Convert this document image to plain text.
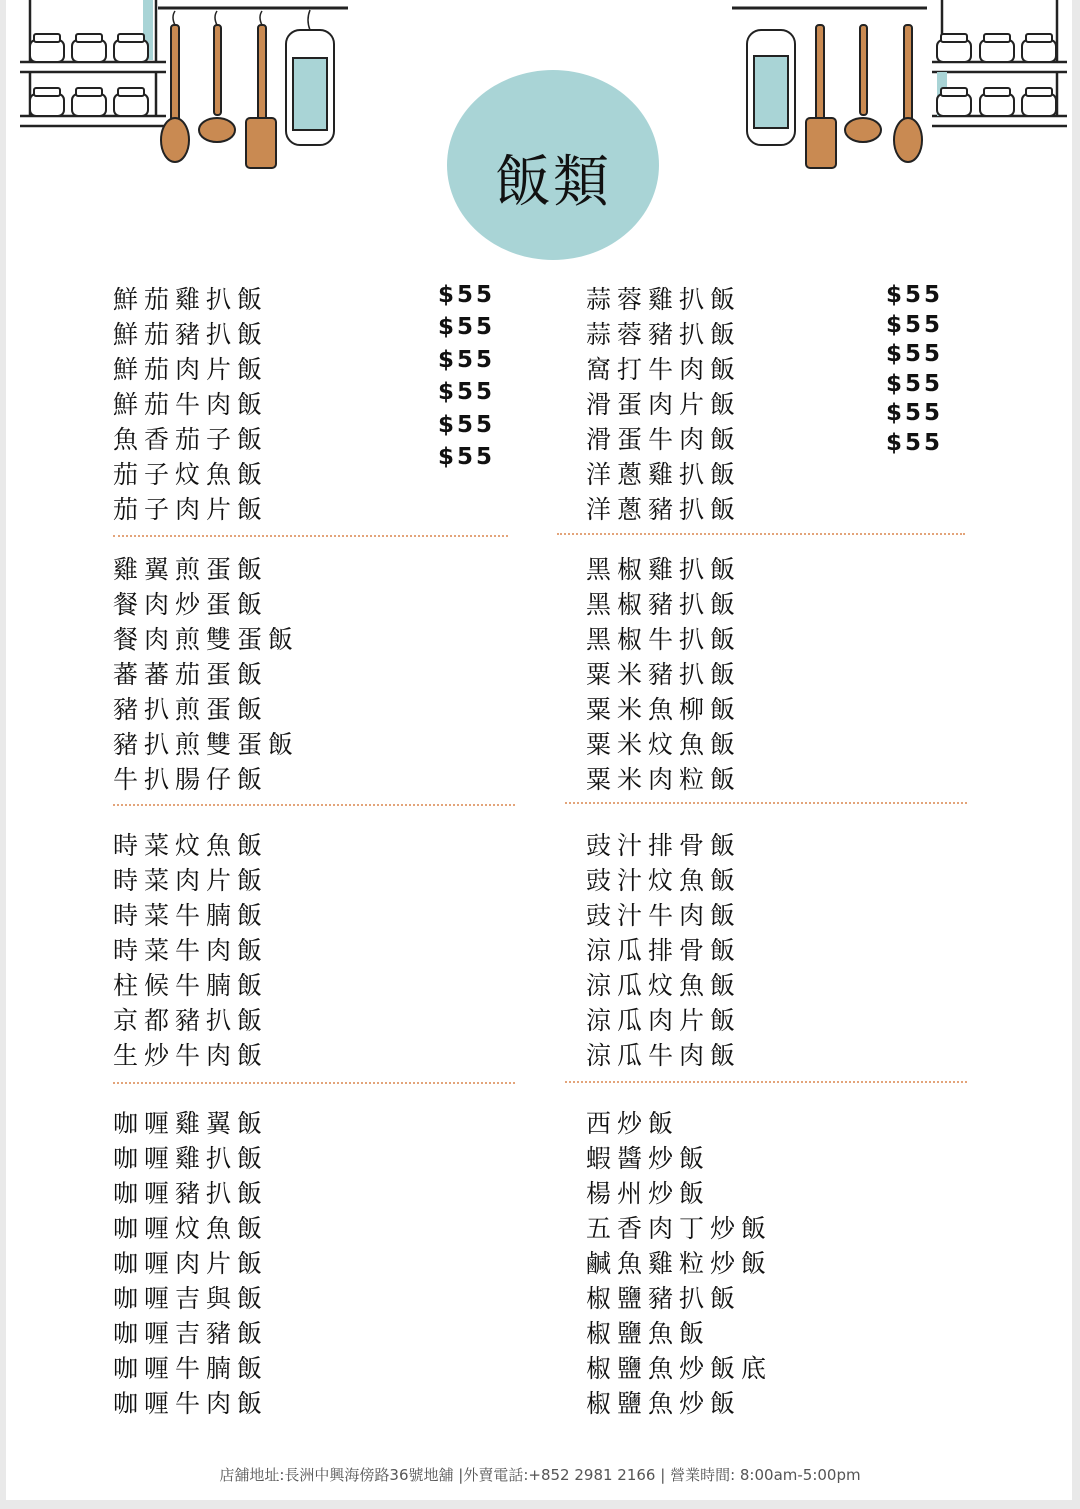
飯類
鮮茄雞扒飯
鮮茄豬扒飯
鮮茄肉片飯
鮮茄牛肉飯
魚香茄子飯
茄子炆魚飯
茄子肉片飯
蒜蓉雞扒飯
蒜蓉豬扒飯
窩打牛肉飯
滑蛋肉片飯
滑蛋牛肉飯
洋蔥雞扒飯
洋蔥豬扒飯
雞翼煎蛋飯
餐肉炒蛋飯
餐肉煎雙蛋飯
蕃蕃茄蛋飯
豬扒煎蛋飯
豬扒煎雙蛋飯
牛扒腸仔飯
黑椒雞扒飯
黑椒豬扒飯
黑椒牛扒飯
粟米豬扒飯
粟米魚柳飯
粟米炆魚飯
粟米肉粒飯
時菜炆魚飯
時菜肉片飯
時菜牛腩飯
時菜牛肉飯
柱候牛腩飯
京都豬扒飯
生炒牛肉飯
豉汁排骨飯
豉汁炆魚飯
豉汁牛肉飯
涼瓜排骨飯
涼瓜炆魚飯
涼瓜肉片飯
涼瓜牛肉飯
咖喱雞翼飯
咖喱雞扒飯
咖喱豬扒飯
咖喱炆魚飯
咖喱肉片飯
咖喱吉與飯
咖喱吉豬飯
咖喱牛腩飯
咖喱牛肉飯
西炒飯
蝦醬炒飯
楊州炒飯
五香肉丁炒飯
鹹魚雞粒炒飯
椒鹽豬扒飯
椒鹽魚飯
椒鹽魚炒飯底
椒鹽魚炒飯
$55
$55
$55
$55
$55
$55
$55
$55
$55
$55
$55
$55
店舖地址:長洲中興海傍路36號地舖 |外賣電話:+852 2981 2166 | 營業時間: 8:00am-5:00pm
